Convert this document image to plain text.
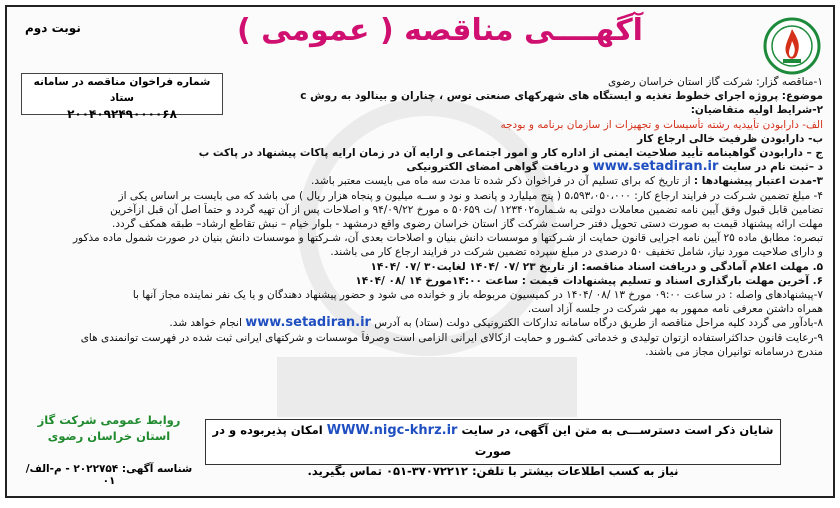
آگهــــی مناقصه ( عمومی )
نوبت دوم
شماره فراخوان مناقصه در سامانه ستاد
۲۰۰۴۰۹۲۴۹۰۰۰۰۶۸
۱-مناقصه گزار: شرکت گاز استان خراسان رضوی
موضوع: پروژه اجرای خطوط تغذیه و ایستگاه های شهرکهای صنعتی توس ، چناران و بینالود به روش c
۲-شرایط اولیه متقاضیان:
الف- دارابودن تأییدیه رشته تأسیسات و تجهیزات از سازمان برنامه و بودجه
ب- دارابودن ظرفیت خالی ارجاع کار
ج – دارابودن گواهینامه تأیید صلاحیت ایمنی از اداره کار و امور اجتماعی و ارایه آن در زمان ارایه پاکات پیشنهاد در پاکت ب
د –ثبت نام در سایت www.setadiran.ir و دریافت گواهی امضای الکترونیکی
۳-مدت اعتبار پیشنهادها : از تاریخ که برای تسلیم آن در فراخوان ذکر شده تا مدت سه ماه می بایست معتبر باشد.
۴- مبلغ تضمین شـرکت در فرایند ارجاع کار: ۵،۵۹۳،۰۵۰،۰۰۰ ( پنج میلیارد و پانصد و نود و ســه میلیون و پنجاه هزار ریال ) می باشد که می بایست بر اساس یکی از
تضامین قابل قبول وفق آیین نامه تضمین معاملات دولتی به شـماره۱۲۳۴۰۲ /ت ۵۰۶۵۹ ه مورخ ۹۴/۰۹/۲۲ و اصلاحات پس از آن تهیه گردد و حتماً اصل آن قبل ازآخرین
مهلت ارائه پیشنهاد قیمت به صورت دستی تحویل دفتر حراست شرکت گاز استان خراسان رضوی واقع درمشهد - بلوار خیام – نبش تقاطع ارشاد– طبقه همکف گردد.
تبصره: مطابق ماده ۲۵ آیین نامه اجرایی قانون حمایت از شـرکتها و موسسات دانش بنیان و اصلاحات بعدی آن، شـرکتها و موسسات دانش بنیان در صورت شمول ماده مذکور
و دارای صلاحیت مورد نیاز، شامل تخفیف ۵۰ درصدی در مبلغ سپرده تضمین شرکت در فرایند ارجاع کار می باشند.
۵. مهلت اعلام آمادگی و دریافت اسناد مناقصه: از تاریخ ۲۳ /۰۷ /۱۴۰۴ لغایت۳۰ /۰۷ /۱۴۰۴
۶. آخرین مهلت بارگذاری اسناد و تسلیم پیشنهادات قیمت : ساعت ۱۴:۰۰مورخ ۱۴ /۰۸ /۱۴۰۴
۷-پیشنهادهای واصله : در ساعت ۰۹:۰۰ مورخ ۱۳ /۰۸ /۱۴۰۴ در کمیسیون مربوطه باز و خوانده می شود و حضور پیشنهاد دهندگان و یا یک نفر نماینده مجاز آنها با
همراه داشتن معرفی نامه ممهور به مهر شرکت در جلسه آزاد است.
۸-بادآور می گردد کلیه مراحل مناقصه از طریق درگاه سامانه تدارکات الکترونیکی دولت (ستاد) به آدرس www.setadiran.ir انجام خواهد شد.
۹-رعایت قانون حداکثراستفاده ازتوان تولیدی و خدماتی کشـور و حمایت ازکالای ایرانی الزامی است وصرفاً موسسات و شرکتهای ایرانی ثبت شده در فهرست توانمندی های
مندرج درسامانه توانیران مجاز می باشند.
شایان ذکر است دسترســـی به متن این آگهی، در سایت WWW.nigc-khrz.ir امکان پذیربوده و در صورت
نیاز به کسب اطلاعات بیشتر با تلفن: ۳۷۰۷۲۲۱۲-۰۵۱ تماس بگیرید.
روابط عمومی شرکت گاز استان خراسان رضوی
شناسه آگهی: ۲۰۲۲۷۵۴ - م-الف/۰۱
